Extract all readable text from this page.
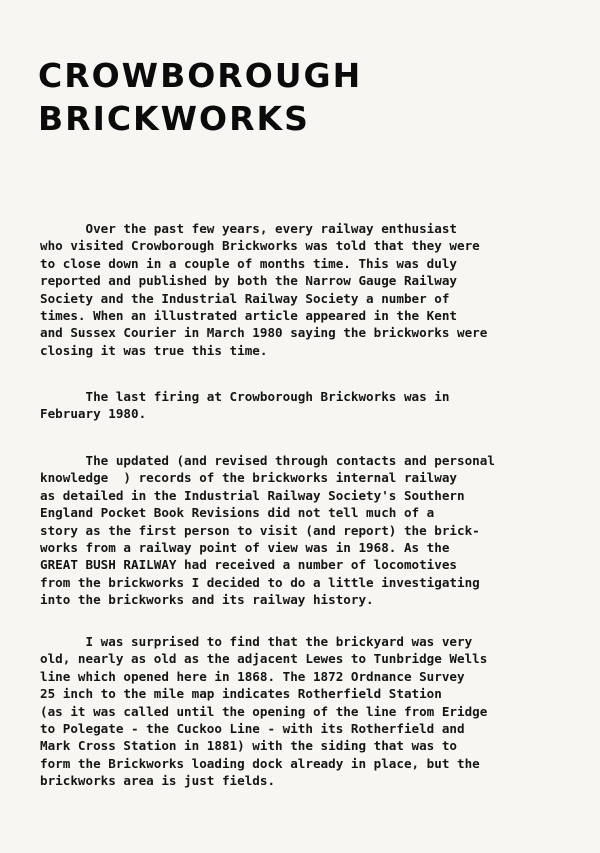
CROWBOROUGH
BRICKWORKS

Over the past few years, every railway enthusiast
who visited Crowborough Brickworks was told that they were
to close down in a couple of months time. This was duly
reported and published by both the Narrow Gauge Railway
Society and the Industrial Railway Society a number of
times. When an illustrated article appeared in the Kent
and Sussex Courier in March 1980 saying the brickworks were
closing it was true this time.

The last firing at Crowborough Brickworks was in
February 1980.

The updated (and revised through contacts and personal
knowledge  ) records of the brickworks internal railway
as detailed in the Industrial Railway Society's Southern
England Pocket Book Revisions did not tell much of a
story as the first person to visit (and report) the brick-
works from a railway point of view was in 1968. As the
GREAT BUSH RAILWAY had received a number of locomotives
from the brickworks I decided to do a little investigating
into the brickworks and its railway history.

I was surprised to find that the brickyard was very
old, nearly as old as the adjacent Lewes to Tunbridge Wells
line which opened here in 1868. The 1872 Ordnance Survey
25 inch to the mile map indicates Rotherfield Station
(as it was called until the opening of the line from Eridge
to Polegate - the Cuckoo Line - with its Rotherfield and
Mark Cross Station in 1881) with the siding that was to
form the Brickworks loading dock already in place, but the
brickworks area is just fields.
